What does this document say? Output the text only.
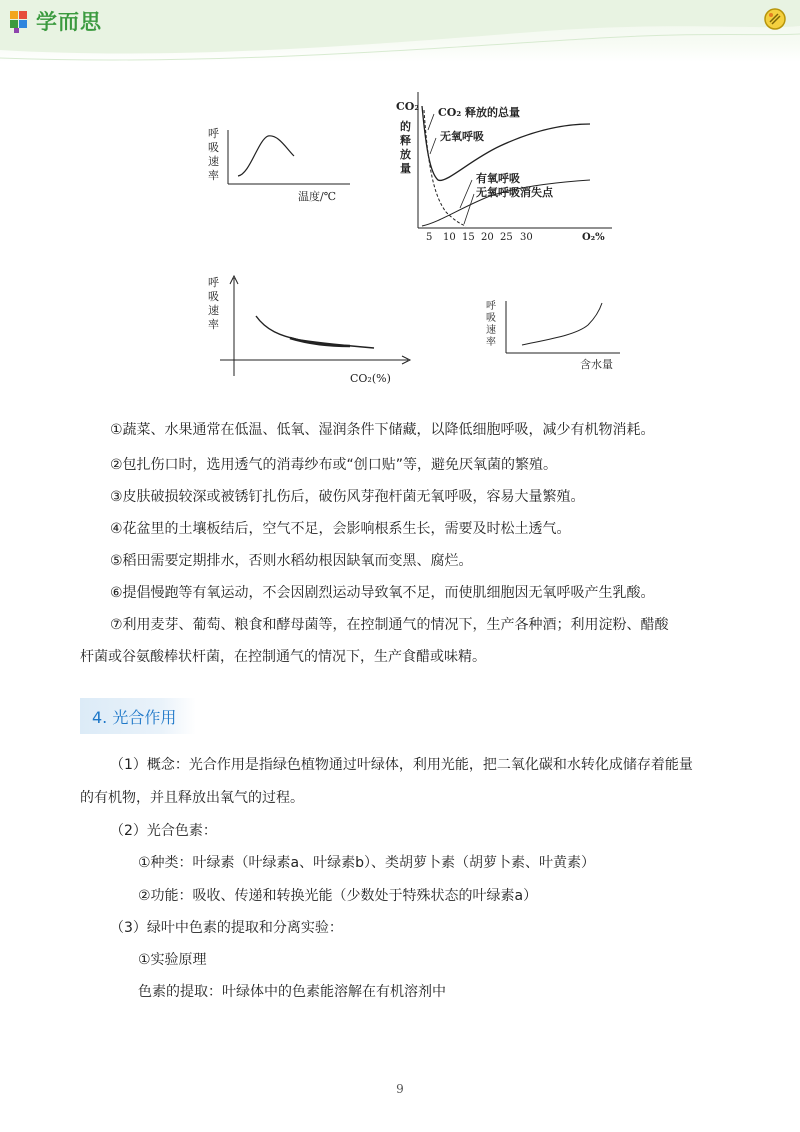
学而思
呼
吸
速
率
温度/℃
CO₂
的
释
放
量
CO₂ 释放的总量
无氧呼吸
有氧呼吸
无氧呼吸消失点
5 10 15 20 25 30	O₂%
呼
吸
速
率
CO₂(%)
呼
吸
速
率
含水量

①蔬菜、水果通常在低温、低氧、湿润条件下储藏，以降低细胞呼吸，减少有机物消耗。

②包扎伤口时，选用透气的消毒纱布或“创口贴”等，避免厌氧菌的繁殖。

③皮肤破损较深或被锈钉扎伤后，破伤风芽孢杆菌无氧呼吸，容易大量繁殖。

④花盆里的土壤板结后，空气不足，会影响根系生长，需要及时松土透气。

⑤稻田需要定期排水，否则水稻幼根因缺氧而变黑、腐烂。

⑥提倡慢跑等有氧运动，不会因剧烈运动导致氧不足，而使肌细胞因无氧呼吸产生乳酸。

⑦利用麦芽、葡萄、粮食和酵母菌等，在控制通气的情况下，生产各种酒；利用淀粉、醋酸

杆菌或谷氨酸棒状杆菌，在控制通气的情况下，生产食醋或味精。

4. 光合作用

（1）概念：光合作用是指绿色植物通过叶绿体，利用光能，把二氧化碳和水转化成储存着能量

的有机物，并且释放出氧气的过程。

（2）光合色素：

①种类：叶绿素（叶绿素a、叶绿素b）、类胡萝卜素（胡萝卜素、叶黄素）

②功能：吸收、传递和转换光能（少数处于特殊状态的叶绿素a）

（3）绿叶中色素的提取和分离实验：

①实验原理

色素的提取：叶绿体中的色素能溶解在有机溶剂中

9
